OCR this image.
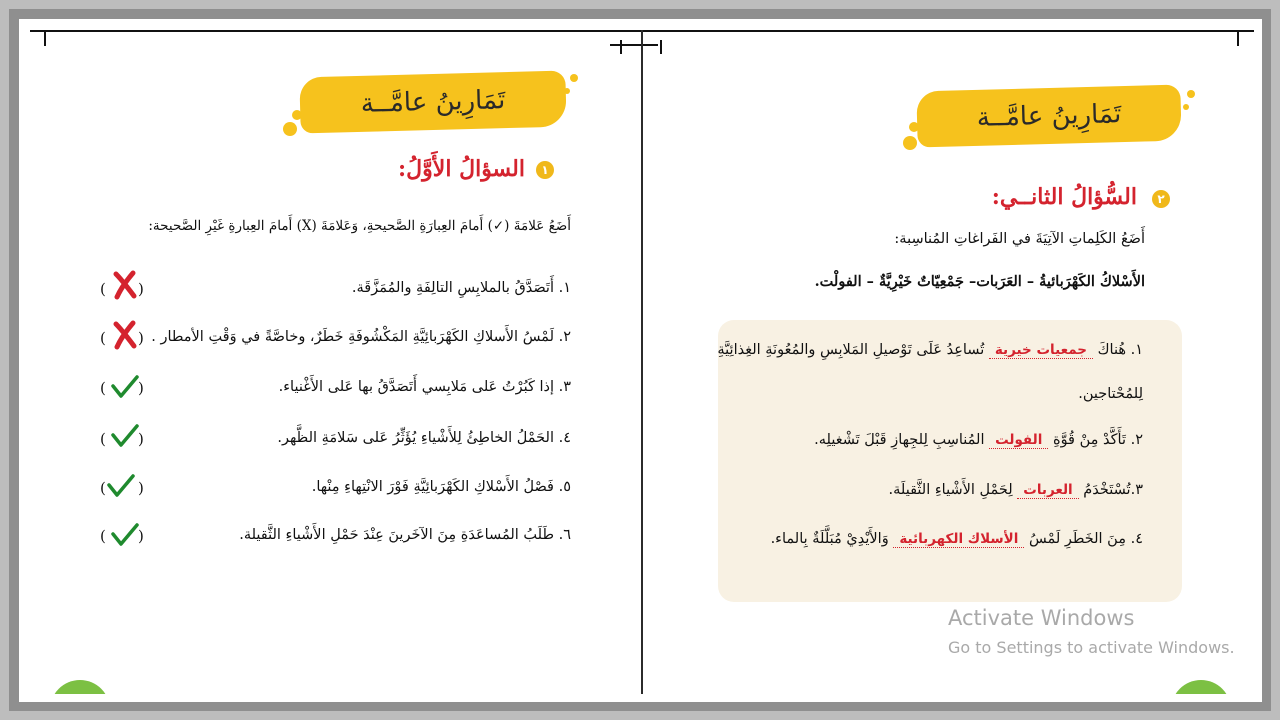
تَمَارِينُ عامَّــة
١
السؤالُ الأَوَّلُ:
أَضَعُ عَلامَةَ (✓) أَمامَ العِبارَةِ الصَّحيحةِ، وَعَلامَةَ (X) أَمامَ العِبارةِ غَيْرِ الصَّحيحة:
١. أَتَصَدَّقُ بالملابِسِ التالِفَةِ والمُمَزَّقَة.
٢. لَمْسُ الأَسلاكِ الكَهْرَبائِيَّةِ المَكْشُوفَةِ خَطَرٌ، وخاصَّةً في وَقْتِ الأمطار .
٣. إذا كَبُرْتُ عَلى مَلابِسي أَتَصَدَّقُ بها عَلى الأَغْنياء.
٤. الحَمْلُ الخاطِئُ لِلأَشْياءِ يُؤَثِّرُ عَلى سَلامَةِ الظَّهر.
٥. فَصْلُ الأَسْلاكِ الكَهْرَبائِيَّةِ فَوْرَ الانْتِهاءِ مِنْها.
٦. طَلَبُ المُساعَدَةِ مِنَ الآخَرينَ عِنْدَ حَمْلِ الأَشْياءِ الثَّقيلة.
( )
( )
( )
( )
( )
( )
تَمَارِينُ عامَّــة
٢
السُّؤالُ الثانــي:
أَضَعُ الكَلِماتِ الآتِيَةَ في الفَراغاتِ المُناسِبة:
الأَسْلاكُ الكَهْرَبائيةُ – العَرَبات– جَمْعِيّاتٌ خَيْرِيَّةٌ – الفولْت.
١. هُناكَ جمعيات خيرية تُساعِدُ عَلَى تَوْصيلِ المَلابِسِ والمُعُونَةِ الغِذائِيَّةِ
لِلمُحْتاجين.
٢. تَأَكَّدْ مِنْ قُوَّةِ الفولت المُناسِبِ لِلجِهازِ قَبْلَ تَشْغيلِه.
٣.تُسْتَخْدَمُ العربات لِحَمْلِ الأَشْياءِ الثَّقيلَة.
٤. مِنَ الخَطَرِ لَمْسُ الأسلاك الكهربائية وَالأَيْدِيْ مُبَلَّلَةٌ بِالماء.
Activate Windows
Go to Settings to activate Windows.
